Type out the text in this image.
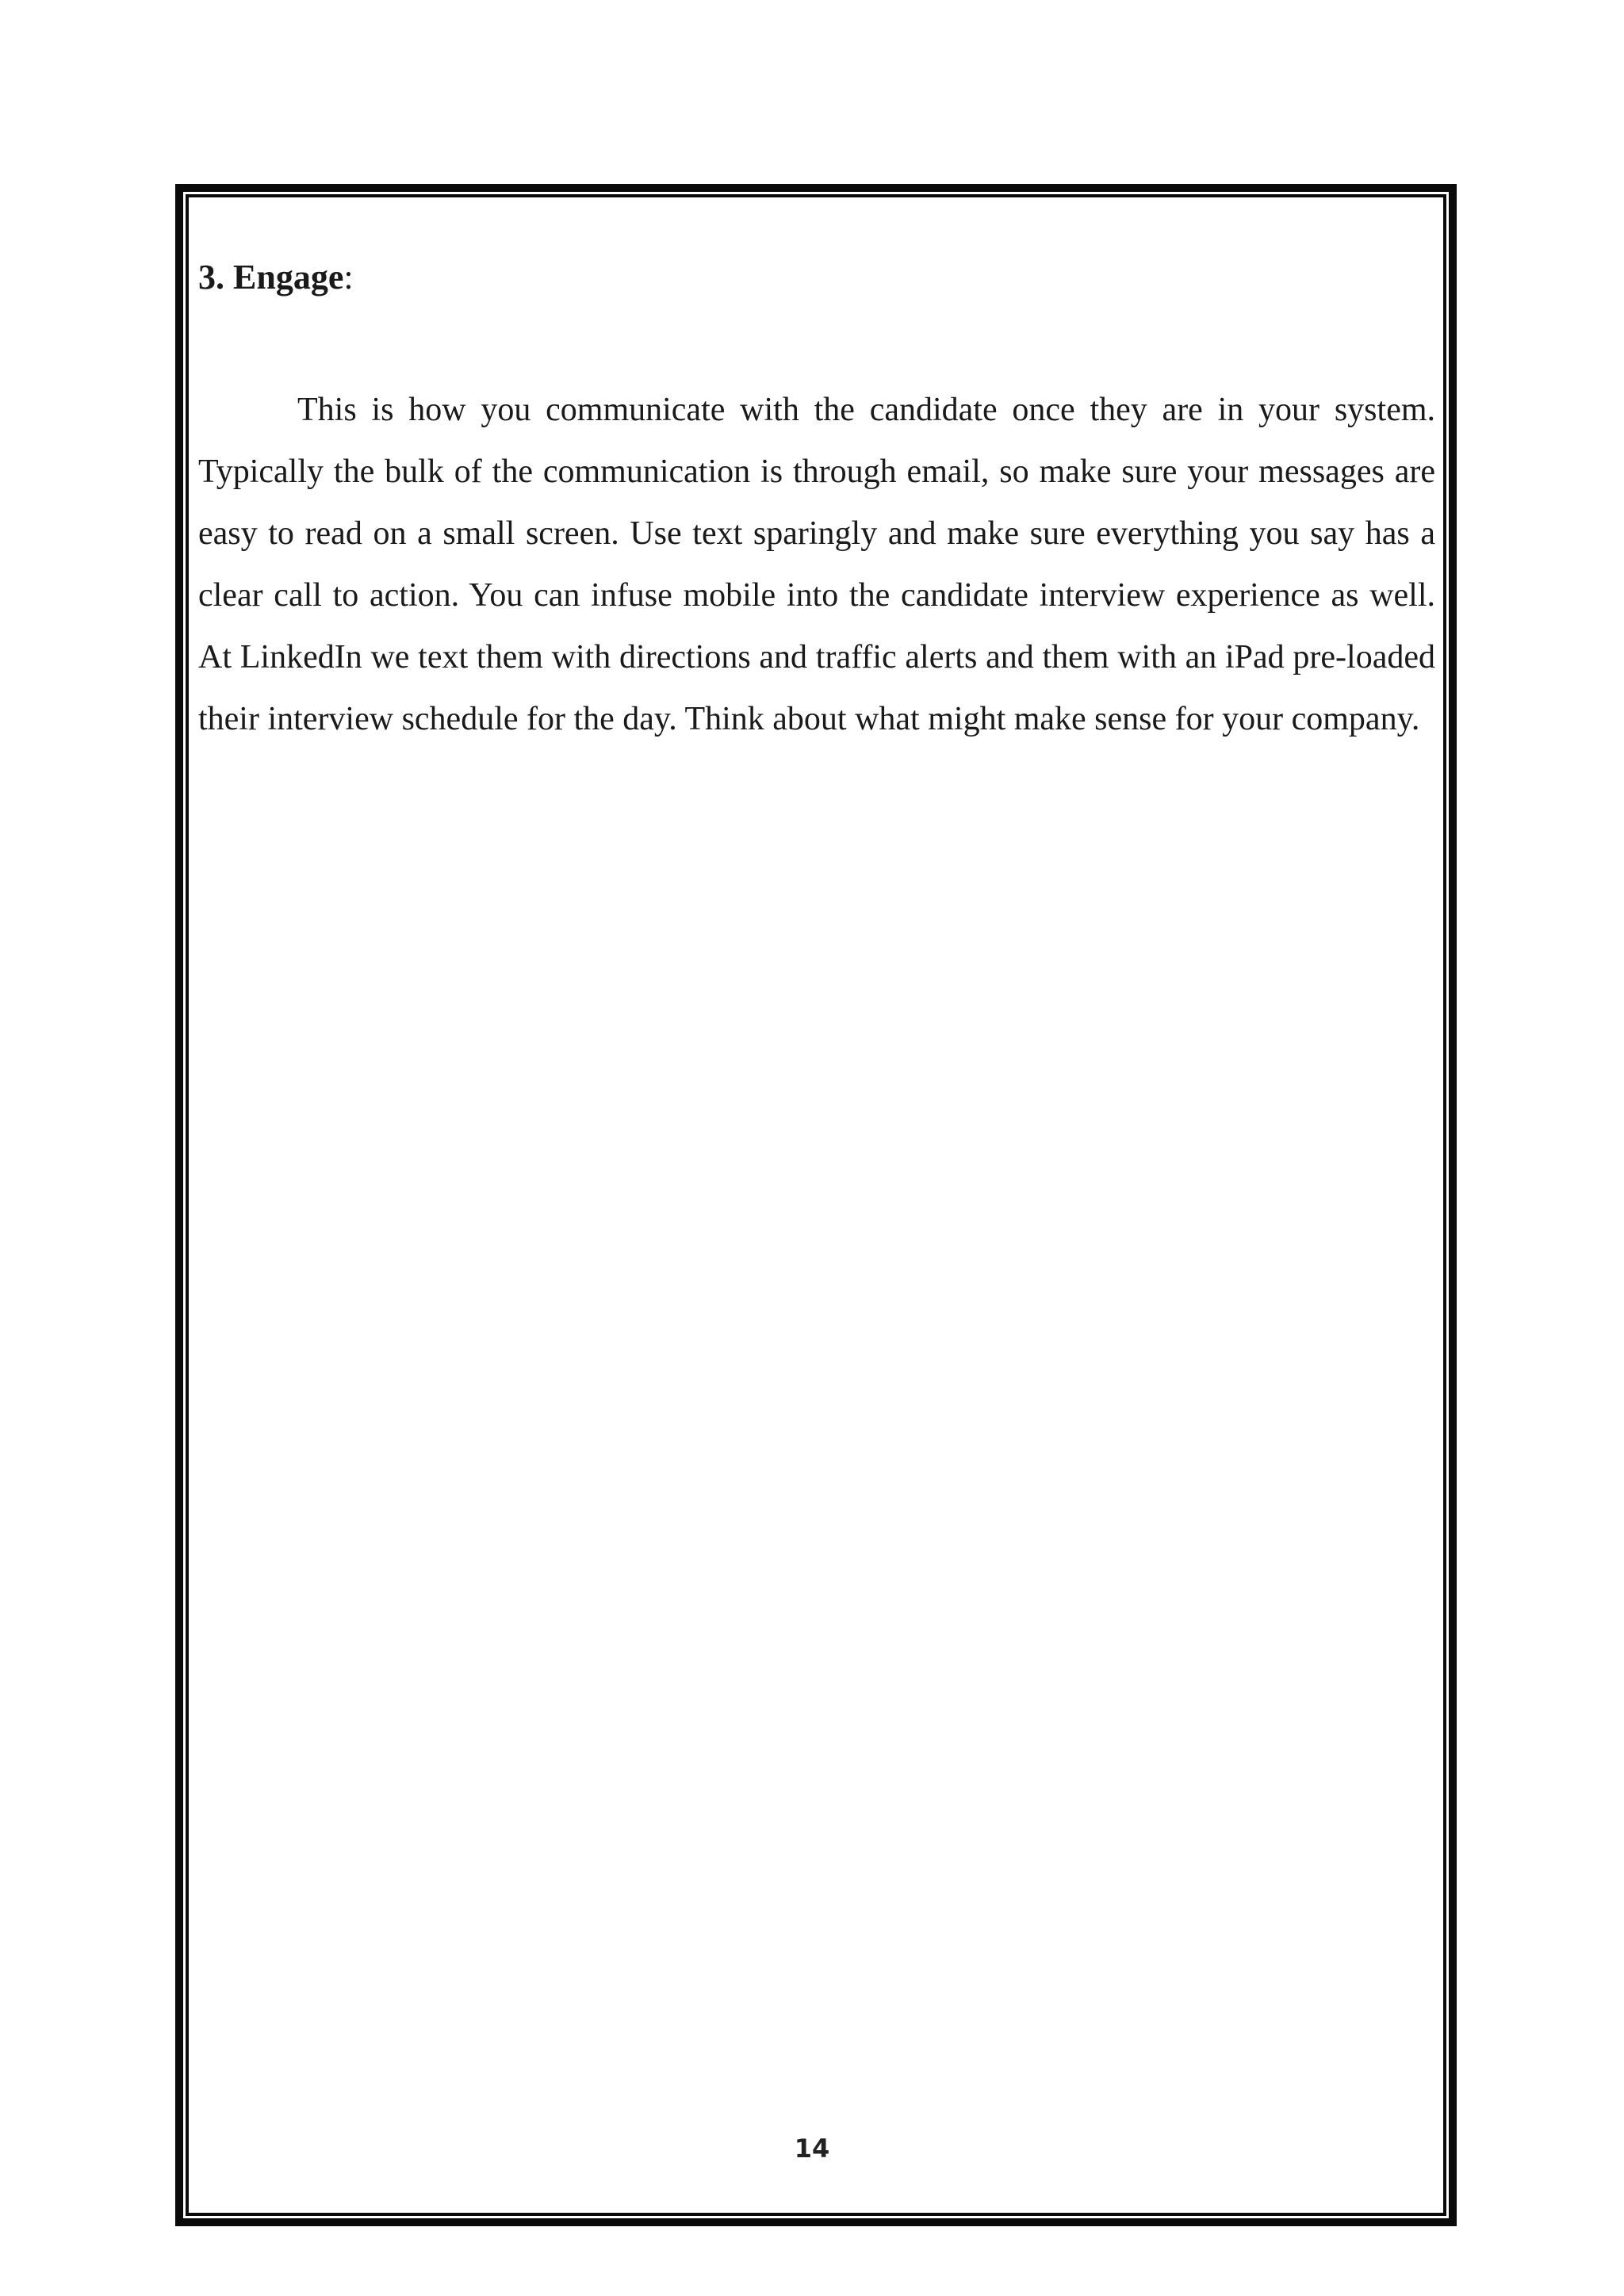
3. Engage:

This is how you communicate with the candidate once they are in your system. Typically the bulk of the communication is through email, so make sure your messages are easy to read on a small screen. Use text sparingly and make sure everything you say has a clear call to action. You can infuse mobile into the candidate interview experience as well. At LinkedIn we text them with directions and traffic alerts and them with an iPad pre-loaded their interview schedule for the day. Think about what might make sense for your company.

14
